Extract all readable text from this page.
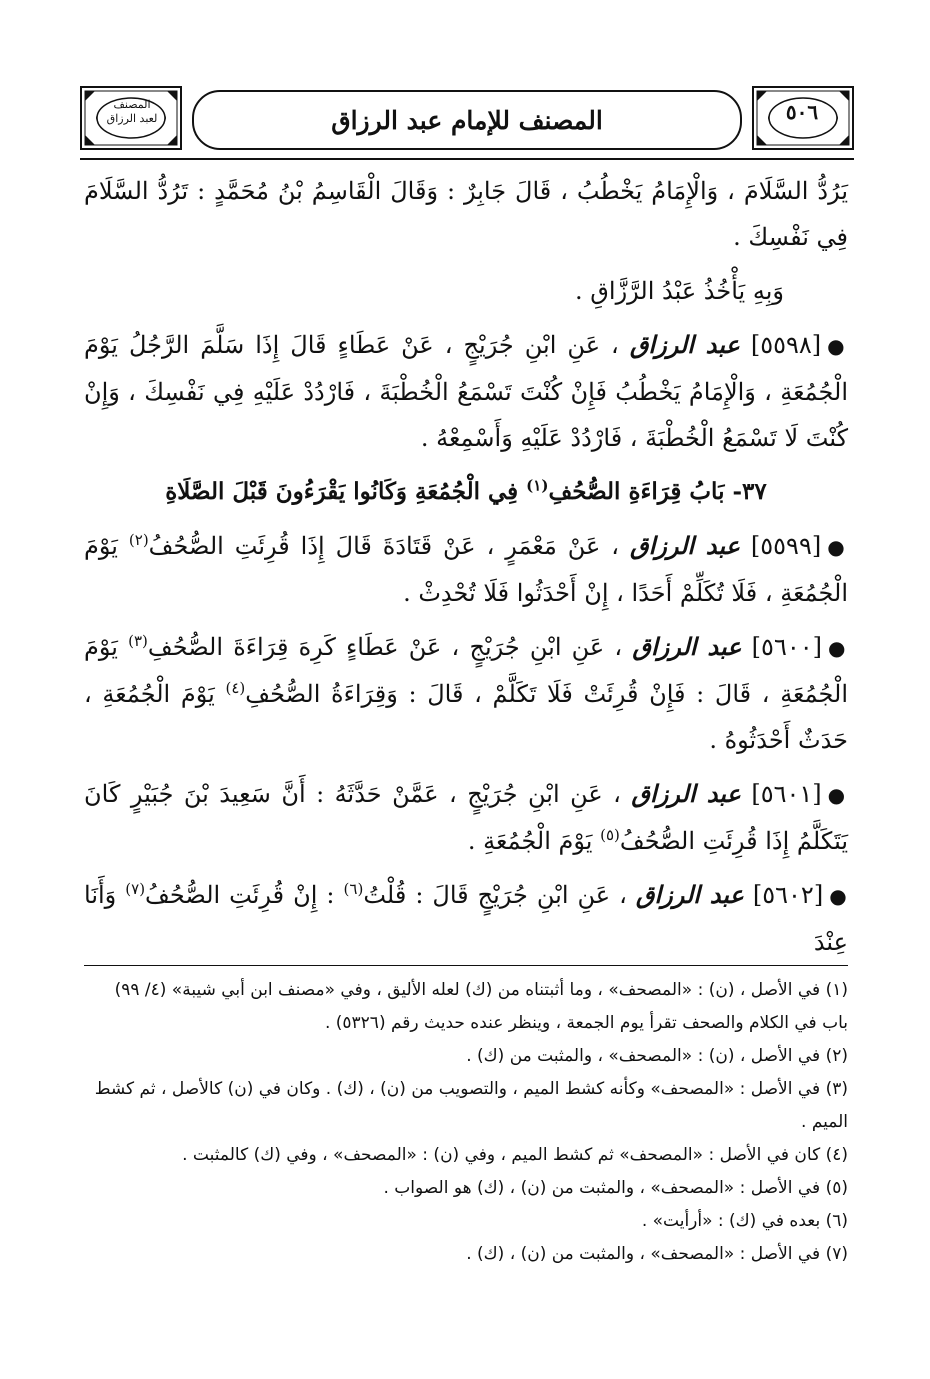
المصنف
لعبد الرزاق	المصنف للإمام عبد الرزاق	٥٠٦

يَرُدُّ السَّلَامَ ، وَالْإِمَامُ يَخْطُبُ ، قَالَ جَابِرٌ : وَقَالَ الْقَاسِمُ بْنُ مُحَمَّدٍ : تَرُدُّ السَّلَامَ فِي نَفْسِكَ .

وَبِهِ يَأْخُذُ عَبْدُ الرَّزَّاقِ .

●[٥٥٩٨] عبد الرزاق ، عَنِ ابْنِ جُرَيْجٍ ، عَنْ عَطَاءٍ قَالَ إِذَا سَلَّمَ الرَّجُلُ يَوْمَ الْجُمُعَةِ ، وَالْإِمَامُ يَخْطُبُ فَإِنْ كُنْتَ تَسْمَعُ الْخُطْبَةَ ، فَارْدُدْ عَلَيْهِ فِي نَفْسِكَ ، وَإِنْ كُنْتَ لَا تَسْمَعُ الْخُطْبَةَ ، فَارْدُدْ عَلَيْهِ وَأَسْمِعْهُ .

٣٧- بَابُ قِرَاءَةِ الصُّحُفِ$^{(١)}$ فِي الْجُمُعَةِ وَكَانُوا يَقْرَءُونَ قَبْلَ الصَّلَاةِ

●[٥٥٩٩] عبد الرزاق ، عَنْ مَعْمَرٍ ، عَنْ قَتَادَةَ قَالَ إِذَا قُرِئَتِ الصُّحُفُ$^{(٢)}$ يَوْمَ الْجُمُعَةِ ، فَلَا تُكَلِّمْ أَحَدًا ، إِنْ أَحْدَثُوا فَلَا تُحْدِثْ .

●[٥٦٠٠] عبد الرزاق ، عَنِ ابْنِ جُرَيْجٍ ، عَنْ عَطَاءٍ كَرِهَ قِرَاءَةَ الصُّحُفِ$^{(٣)}$ يَوْمَ الْجُمُعَةِ ، قَالَ : فَإِنْ قُرِئَتْ فَلَا تَكَلَّمْ ، قَالَ : وَقِرَاءَةُ الصُّحُفِ$^{(٤)}$ يَوْمَ الْجُمُعَةِ ، حَدَثٌ أَحْدَثُوهُ .

●[٥٦٠١] عبد الرزاق ، عَنِ ابْنِ جُرَيْجٍ ، عَمَّنْ حَدَّثَهُ : أَنَّ سَعِيدَ بْنَ جُبَيْرٍ كَانَ يَتَكَلَّمُ إِذَا قُرِئَتِ الصُّحُفُ$^{(٥)}$ يَوْمَ الْجُمُعَةِ .

●[٥٦٠٢] عبد الرزاق ، عَنِ ابْنِ جُرَيْجٍ قَالَ : قُلْتُ$^{(٦)}$ : إِنْ قُرِئَتِ الصُّحُفُ$^{(٧)}$ وَأَنَا عِنْدَ

(١) في الأصل ، (ن) : «المصحف» ، وما أثبتناه من (ك) لعله الأليق ، وفي «مصنف ابن أبي شيبة» (٤/ ٩٩) باب في الكلام والصحف تقرأ يوم الجمعة ، وينظر عنده حديث رقم (٥٣٢٦) .

(٢) في الأصل ، (ن) : «المصحف» ، والمثبت من (ك) .

(٣) في الأصل : «المصحف» وكأنه كشط الميم ، والتصويب من (ن) ، (ك) . وكان في (ن) كالأصل ، ثم كشط الميم .

(٤) كان في الأصل : «المصحف» ثم كشط الميم ، وفي (ن) : «المصحف» ، وفي (ك) كالمثبت .

(٥) في الأصل : «المصحف» ، والمثبت من (ن) ، (ك) هو الصواب .

(٦) بعده في (ك) : «أرأيت» .

(٧) في الأصل : «المصحف» ، والمثبت من (ن) ، (ك) .
